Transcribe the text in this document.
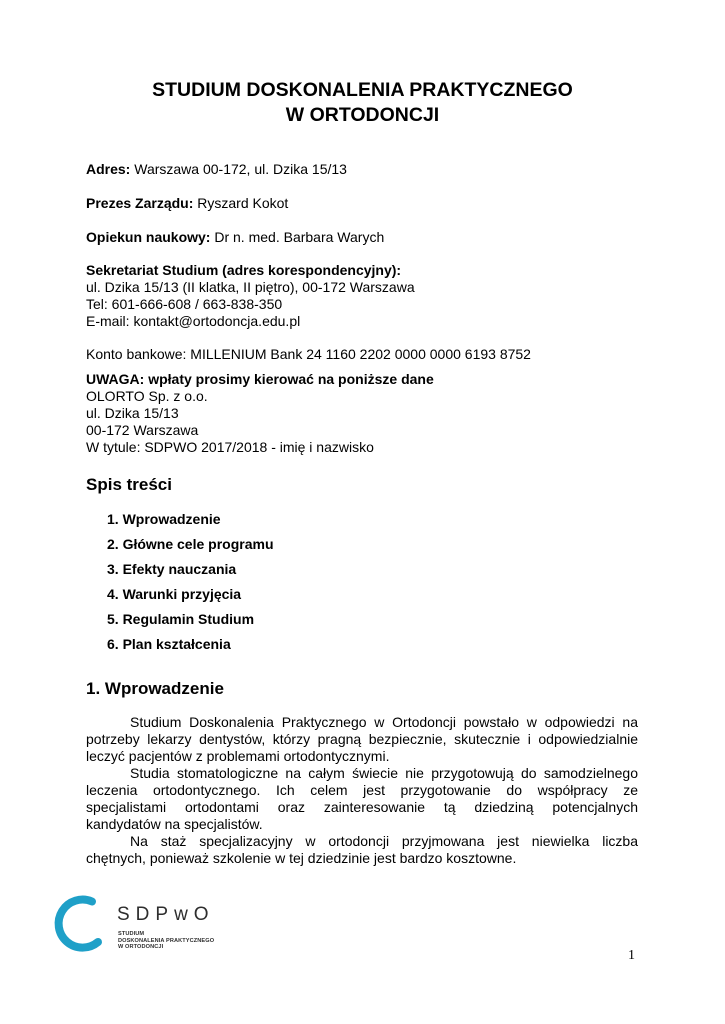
STUDIUM DOSKONALENIA PRAKTYCZNEGO
W ORTODONCJI
Adres: Warszawa 00-172, ul. Dzika 15/13
Prezes Zarządu: Ryszard Kokot
Opiekun naukowy: Dr n. med. Barbara Warych
Sekretariat Studium (adres korespondencyjny):
ul. Dzika 15/13 (II klatka, II piętro), 00-172 Warszawa
Tel: 601-666-608 / 663-838-350
E-mail: kontakt@ortodoncja.edu.pl
Konto bankowe: MILLENIUM Bank 24 1160 2202 0000 0000 6193 8752
UWAGA: wpłaty prosimy kierować na poniższe dane
OLORTO Sp. z o.o.
ul. Dzika 15/13
00-172 Warszawa
W tytule: SDPWO 2017/2018 - imię i nazwisko
Spis treści
1. Wprowadzenie
2. Główne cele programu
3. Efekty nauczania
4. Warunki przyjęcia
5. Regulamin Studium
6. Plan kształcenia
1. Wprowadzenie

Studium Doskonalenia Praktycznego w Ortodoncji powstało w odpowiedzi na

potrzeby lekarzy dentystów, którzy pragną bezpiecznie, skutecznie i odpowiedzialnie

leczyć pacjentów z problemami ortodontycznymi.

Studia stomatologiczne na całym świecie nie przygotowują do samodzielnego

leczenia ortodontycznego. Ich celem jest przygotowanie do współpracy ze

specjalistami ortodontami oraz zainteresowanie tą dziedziną potencjalnych

kandydatów na specjalistów.

Na staż specjalizacyjny w ortodoncji przyjmowana jest niewielka liczba

chętnych, ponieważ szkolenie w tej dziedzinie jest bardzo kosztowne.

SDPwO
STUDIUM
DOSKONALENIA PRAKTYCZNEGO
W ORTODONCJI
1
